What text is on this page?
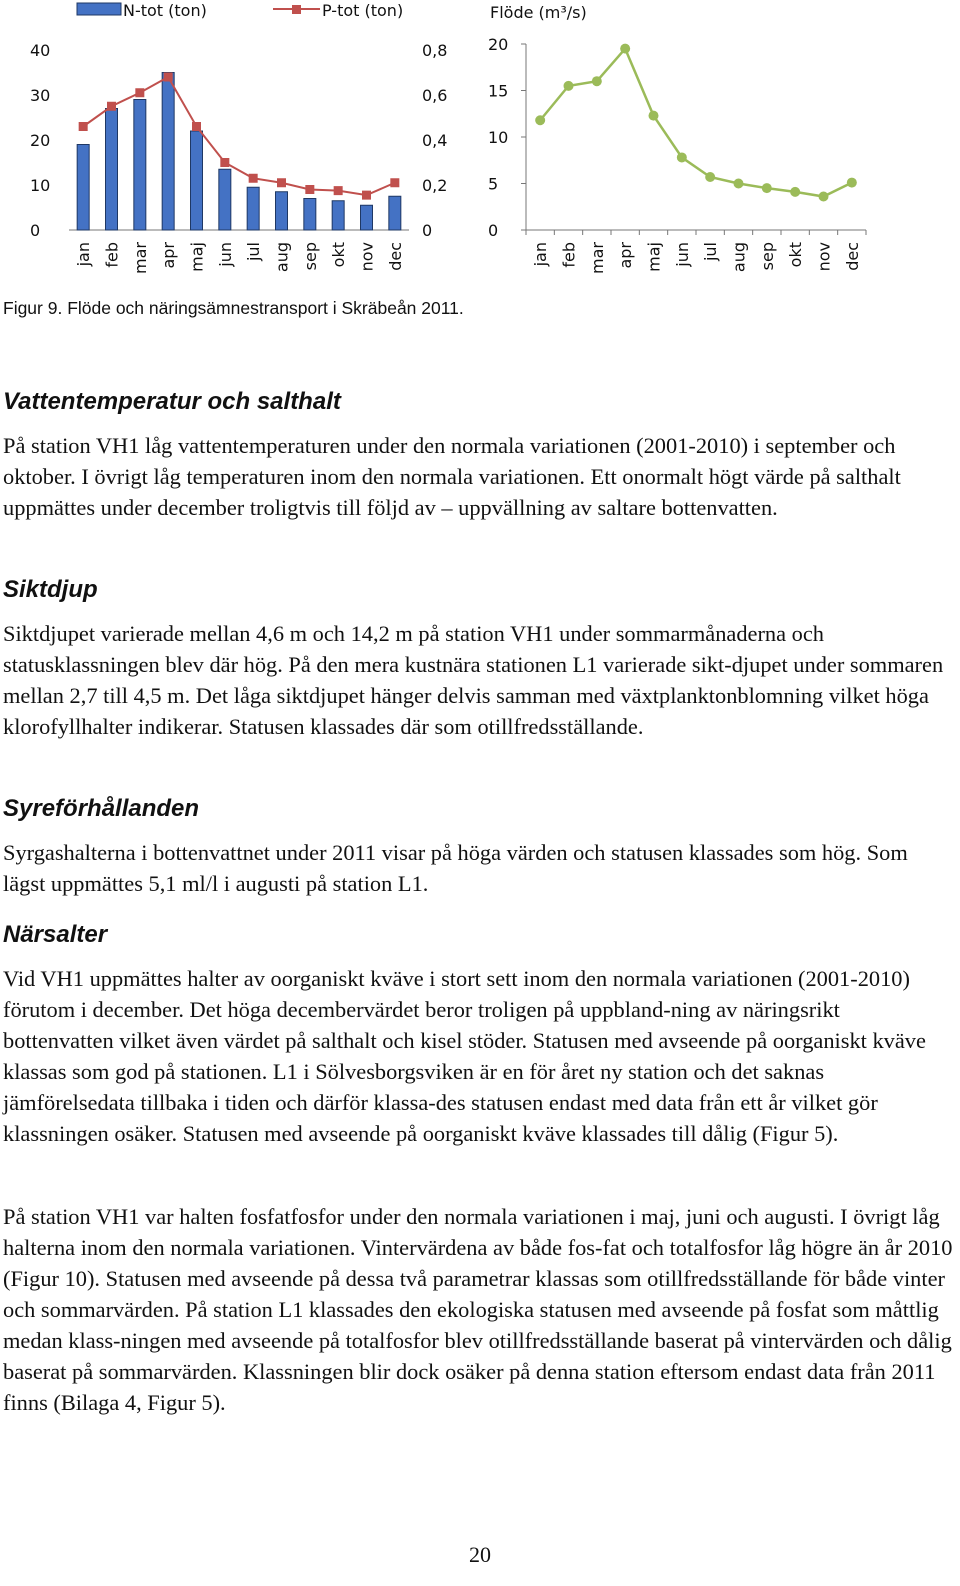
0
10
20
30
40
0
0,2
0,4
0,6
0,8
jan feb mar apr maj jun jul aug sep okt nov dec
N-tot (ton)	P-tot (ton)
0
5
10
15
20
Flöde (m³/s)
jan feb mar apr maj jun jul aug sep okt nov dec
Figur 9. Flöde och näringsämnestransport i Skräbeån 2011.
Vattentemperatur och salthalt

På station VH1 låg vattentemperaturen under den normala variationen (2001-2010) i september och oktober. I övrigt låg temperaturen inom den normala variationen. Ett onormalt högt värde på salthalt uppmättes under december troligtvis till följd av – uppvällning av saltare bottenvatten.

Siktdjup

Siktdjupet varierade mellan 4,6 m och 14,2 m på station VH1 under sommarmånaderna och statusklassningen blev där hög. På den mera kustnära stationen L1 varierade sikt-djupet under sommaren mellan 2,7 till 4,5 m. Det låga siktdjupet hänger delvis samman med växtplanktonblomning vilket höga klorofyllhalter indikerar. Statusen klassades där som otillfredsställande.

Syreförhållanden

Syrgashalterna i bottenvattnet under 2011 visar på höga värden och statusen klassades som hög. Som lägst uppmättes 5,1 ml/l i augusti på station L1.

Närsalter

Vid VH1 uppmättes halter av oorganiskt kväve i stort sett inom den normala variationen (2001-2010) förutom i december. Det höga decembervärdet beror troligen på uppbland-ning av näringsrikt bottenvatten vilket även värdet på salthalt och kisel stöder. Statusen med avseende på oorganiskt kväve klassas som god på stationen. L1 i Sölvesborgsviken är en för året ny station och det saknas jämförelsedata tillbaka i tiden och därför klassa-des statusen endast med data från ett år vilket gör klassningen osäker. Statusen med avseende på oorganiskt kväve klassades till dålig (Figur 5).

På station VH1 var halten fosfatfosfor under den normala variationen i maj, juni och augusti. I övrigt låg halterna inom den normala variationen. Vintervärdena av både fos-fat och totalfosfor låg högre än år 2010 (Figur 10). Statusen med avseende på dessa två parametrar klassas som otillfredsställande för både vinter och sommarvärden. På station L1 klassades den ekologiska statusen med avseende på fosfat som måttlig medan klass-ningen med avseende på totalfosfor blev otillfredsställande baserat på vintervärden och dålig baserat på sommarvärden. Klassningen blir dock osäker på denna station eftersom endast data från 2011 finns (Bilaga 4, Figur 5).

20
